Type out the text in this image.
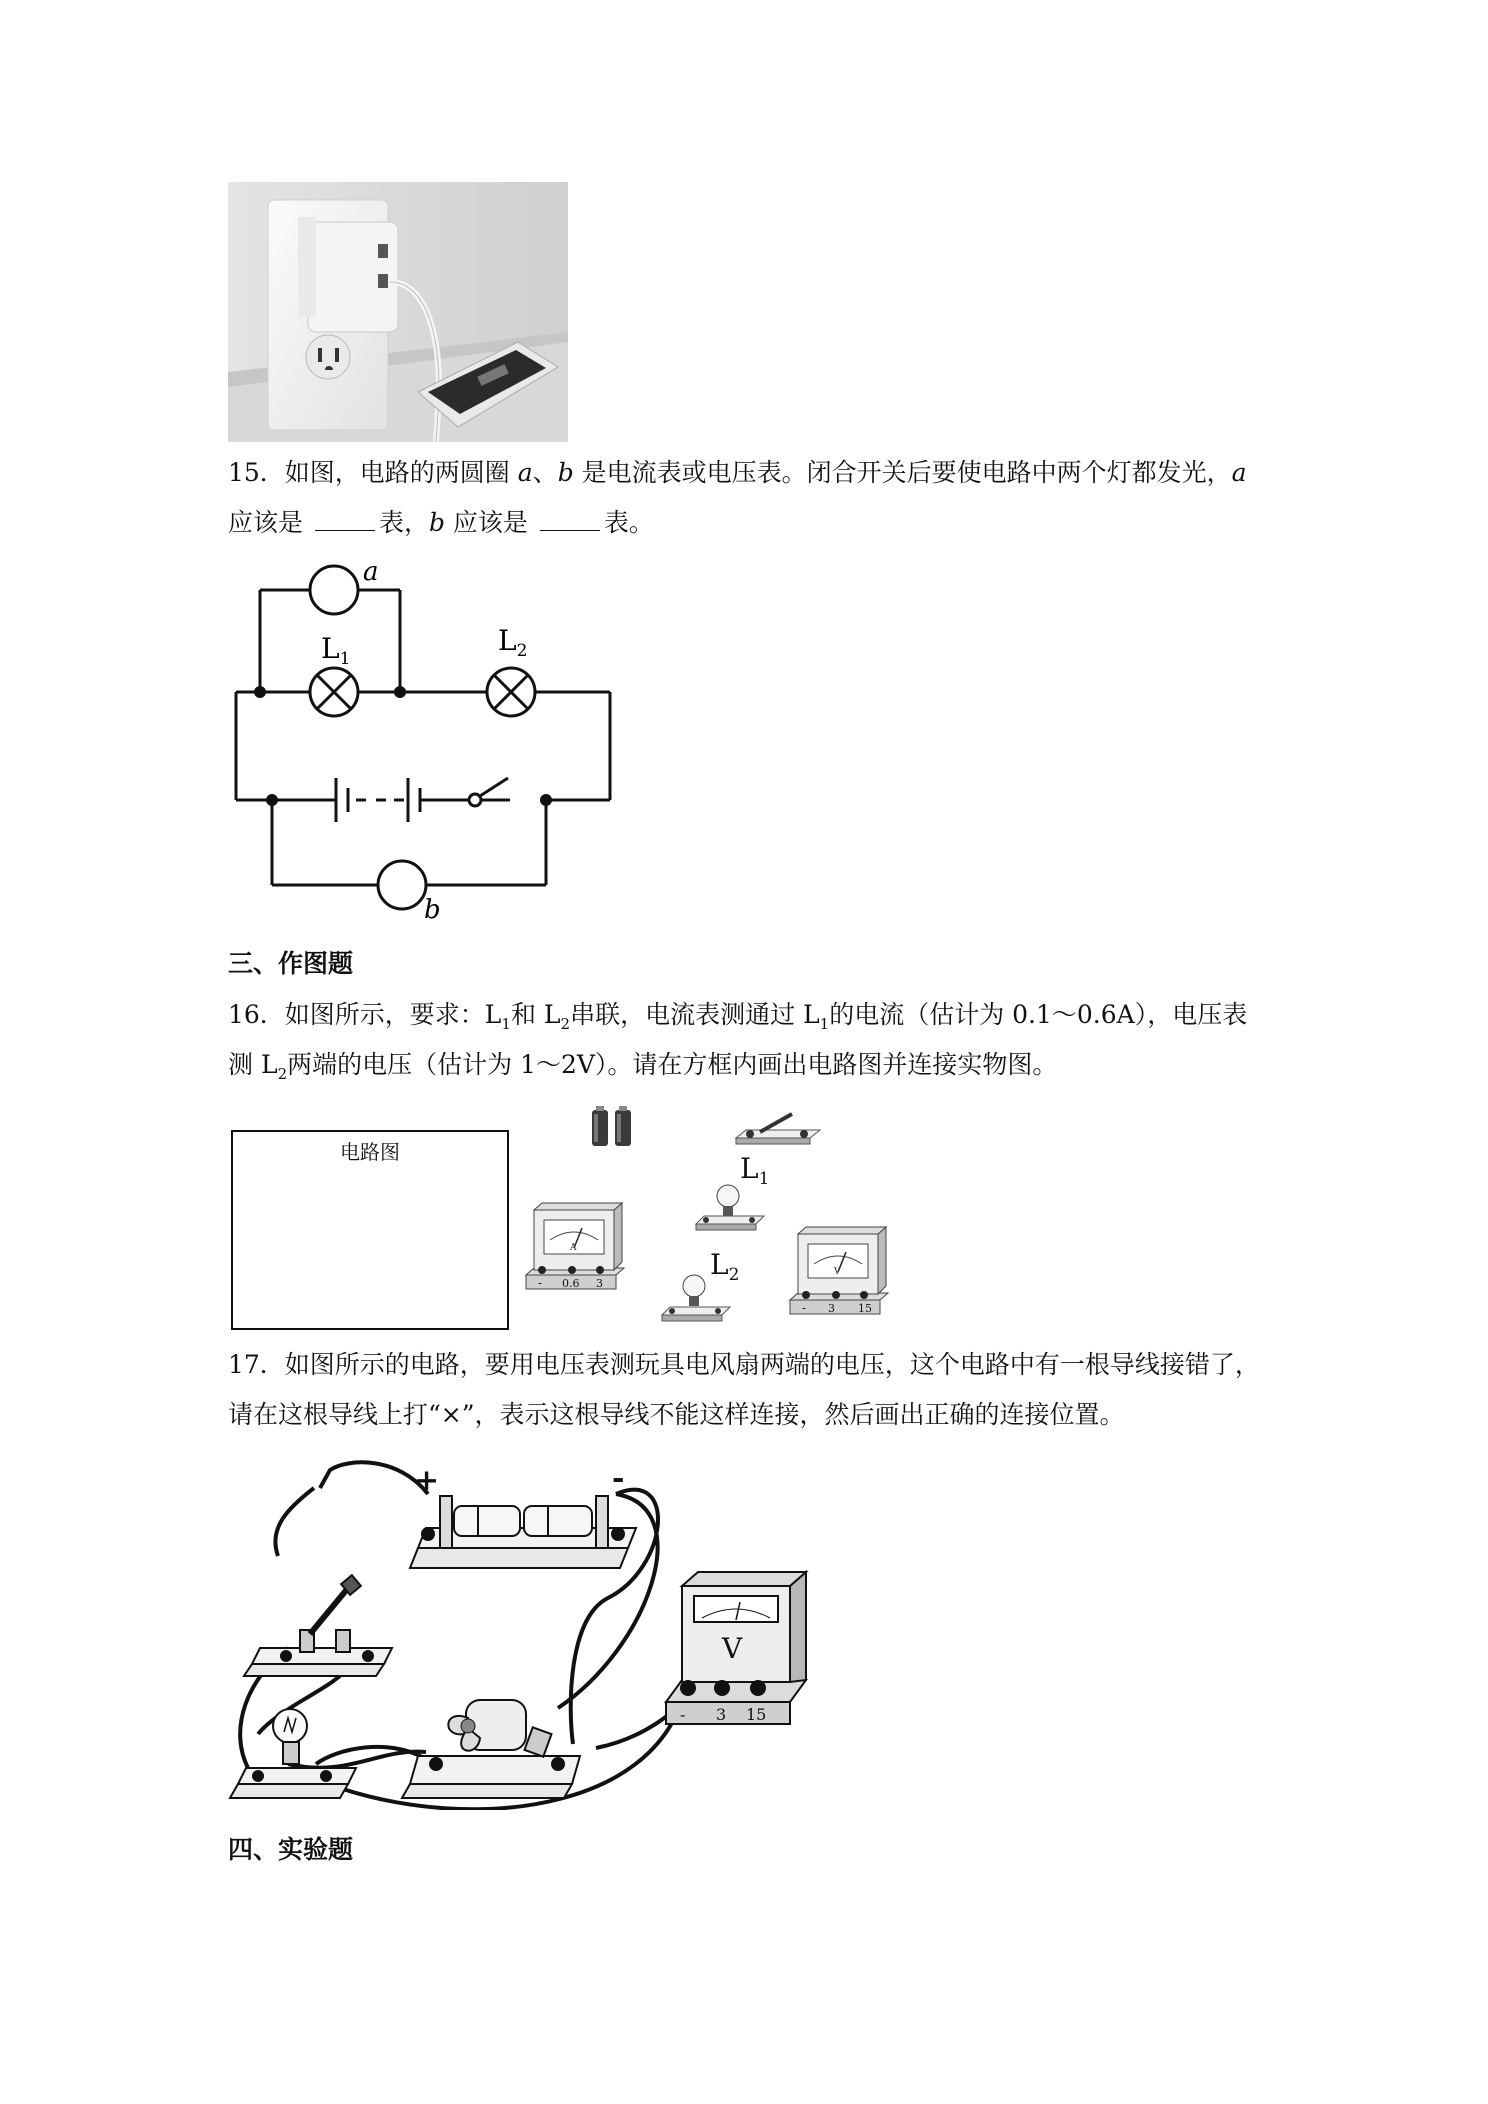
15．如图，电路的两圆圈 a、b 是电流表或电压表。闭合开关后要使电路中两个灯都发光，a
应该是	表，b 应该是	表。
a
$L_1$
$L_2$
b
三、作图题
16．如图所示，要求：$L_1$和 $L_2$串联，电流表测通过 $L_1$的电流（估计为 0.1～0.6A），电压表
测 $L_2$两端的电压（估计为 1～2V）。请在方框内画出电路图并连接实物图。
电路图	$L_1$
A
- 0.6 3
$L_2$	V
- 3 15
17．如图所示的电路，要用电压表测玩具电风扇两端的电压，这个电路中有一根导线接错了，
请在这根导线上打“×”，表示这根导线不能这样连接，然后画出正确的连接位置。
+	-
V
- 3 15
四、实验题
